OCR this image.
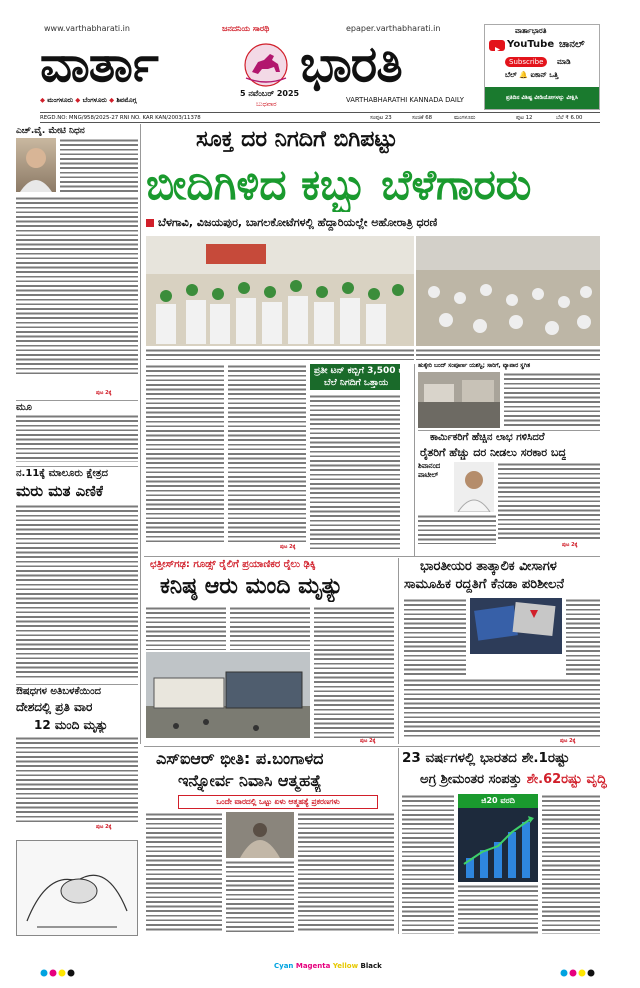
www.varthabharati.in	ಜನದನಿಯ ಸಾರಥಿ	epaper.varthabharati.in
ವಾರ್ತಾ	ಭಾರತಿ
5 ನವೆಂಬರ್ 2025
ಬುಧವಾರ
◆ ಮಂಗಳೂರು ◆ ಬೆಂಗಳೂರು ◆ ಶಿವಮೊಗ್ಗ	VARTHABHARATHI KANNADA DAILY
ವಾರ್ತಾಭಾರತಿ
YouTube ಚಾನಲ್
Subscribe	ಮಾಡಿ
ಬೆಲ್ 🔔 ಐಕಾನ್ ಒತ್ತಿ
ಪ್ರತಿದಿನ ವಿಶಿಷ್ಟ ವೀಡಿಯೋಗಳನ್ನು ವೀಕ್ಷಿಸಿ
REGD.NO: MNG/958/2025-27 RNI NO. KAR KAN/2003/11378	ಸಂಪುಟ 23	ಸಂಚಿಕೆ 68	ಮಂಗಳೂರು	ಪುಟ 12	ಬೆಲೆ ₹ 6.00
ಎಚ್.ವೈ. ಮೇಟಿ ನಿಧನ
ಪುಟ 2ಕ್ಕೆ
ಮೂ
ನ.11ಕ್ಕೆ ಮಾಲೂರು ಕ್ಷೇತ್ರದ
ಮರು ಮತ ಎಣಿಕೆ
ಔಷಧಗಳ ಅತಿಬಳಕೆಯಿಂದ
ದೇಶದಲ್ಲಿ ಪ್ರತಿ ವಾರ
12 ಮಂದಿ ಮೃತ್ಯು
ಪುಟ 2ಕ್ಕೆ
ಸೂಕ್ತ ದರ ನಿಗದಿಗೆ ಬಿಗಿಪಟ್ಟು
ಬೀದಿಗಿಳಿದ ಕಬ್ಬು ಬೆಳೆಗಾರರು
ಬೆಳಗಾವಿ, ವಿಜಯಪುರ, ಬಾಗಲಕೋಟೆಗಳಲ್ಲಿ ಹೆದ್ದಾರಿಯಲ್ಲೇ ಅಹೋರಾತ್ರಿ ಧರಣಿ
ಪುಟ 2ಕ್ಕೆ
ಪ್ರತೀ ಟನ್ ಕಬ್ಬಿಗೆ 3,500 ರೂ.
ಬೆಲೆ ನಿಗದಿಗೆ ಒತ್ತಾಯ
ಹುಕ್ಕೇರಿ ಬಂದ್ ಸಂಪೂರ್ಣ ಯಶಸ್ವಿ; ಸಾರಿಗೆ, ವ್ಯಾಪಾರ ಸ್ಥಗಿತ
ಕಾರ್ಮಿಕರಿಗೆ ಹೆಚ್ಚಿನ ಲಾಭ ಗಳಿಸಿದರೆ
ರೈತರಿಗೆ ಹೆಚ್ಚು ದರ ನೀಡಲು ಸರಕಾರ ಬದ್ಧ
ಶಿವಾನಂದ
ಪಾಟೀಲ್
ಪುಟ 2ಕ್ಕೆ
ಛತ್ತೀಸ್‌ಗಢ: ಗೂಡ್ಸ್ ರೈಲಿಗೆ ಪ್ರಯಾಣಿಕರ ರೈಲು ಢಿಕ್ಕಿ
ಕನಿಷ್ಠ ಆರು ಮಂದಿ ಮೃತ್ಯು
ಪುಟ 2ಕ್ಕೆ
ಭಾರತೀಯರ ತಾತ್ಕಾಲಿಕ ವೀಸಾಗಳ
ಸಾಮೂಹಿಕ ರದ್ದತಿಗೆ ಕೆನಡಾ ಪರಿಶೀಲನೆ
ಪುಟ 2ಕ್ಕೆ
ಎಸ್‌ಐಆರ್ ಭೀತಿ: ಪ.ಬಂಗಾಳದ
ಇನ್ನೋರ್ವ ನಿವಾಸಿ ಆತ್ಮಹತ್ಯೆ
ಒಂದೇ ವಾರದಲ್ಲಿ ಒಟ್ಟು ಏಳು ಆತ್ಮಹತ್ಯೆ ಪ್ರಕರಣಗಳು
23 ವರ್ಷಗಳಲ್ಲಿ ಭಾರತದ ಶೇ.1ರಷ್ಟು
ಅಗ್ರ ಶ್ರೀಮಂತರ ಸಂಪತ್ತು ಶೇ.62ರಷ್ಟು ವೃದ್ಧಿ
ಜಿ20 ವರದಿ
Cyan Magenta Yellow Black
